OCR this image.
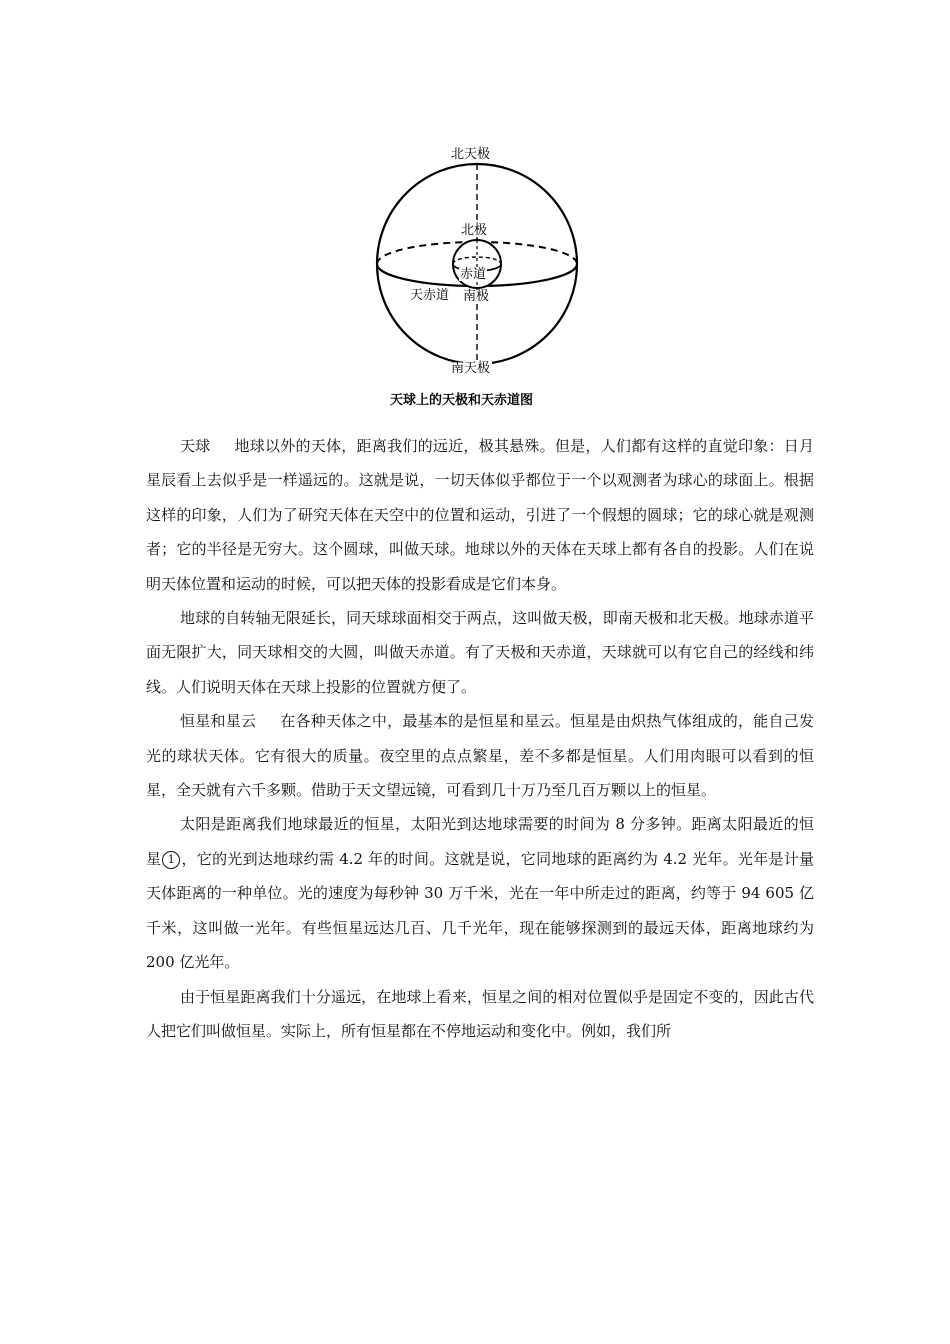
北天极
北极
赤道
天赤道 南极
南天极
天球上的天极和天赤道图

天球 地球以外的天体，距离我们的远近，极其悬殊。但是，人们都有这样的直觉印象：日月星辰看上去似乎是一样遥远的。这就是说，一切天体似乎都位于一个以观测者为球心的球面上。根据这样的印象，人们为了研究天体在天空中的位置和运动，引进了一个假想的圆球；它的球心就是观测者；它的半径是无穷大。这个圆球，叫做天球。地球以外的天体在天球上都有各自的投影。人们在说明天体位置和运动的时候，可以把天体的投影看成是它们本身。

地球的自转轴无限延长，同天球球面相交于两点，这叫做天极，即南天极和北天极。地球赤道平面无限扩大，同天球相交的大圆，叫做天赤道。有了天极和天赤道，天球就可以有它自己的经线和纬线。人们说明天体在天球上投影的位置就方便了。

恒星和星云 在各种天体之中，最基本的是恒星和星云。恒星是由炽热气体组成的，能自己发光的球状天体。它有很大的质量。夜空里的点点繁星，差不多都是恒星。人们用肉眼可以看到的恒星，全天就有六千多颗。借助于天文望远镜，可看到几十万乃至几百万颗以上的恒星。

太阳是距离我们地球最近的恒星，太阳光到达地球需要的时间为 8 分多钟。距离太阳最近的恒星 1 ，它的光到达地球约需 4.2 年的时间。这就是说，它同地球的距离约为 4.2 光年。光年是计量天体距离的一种单位。光的速度为每秒钟 30 万千米，光在一年中所走过的距离，约等于 94 605 亿千米，这叫做一光年。有些恒星远达几百、几千光年，现在能够探测到的最远天体，距离地球约为 200 亿光年。

由于恒星距离我们十分遥远，在地球上看来，恒星之间的相对位置似乎是固定不变的，因此古代人把它们叫做恒星。实际上，所有恒星都在不停地运动和变化中。例如，我们所
